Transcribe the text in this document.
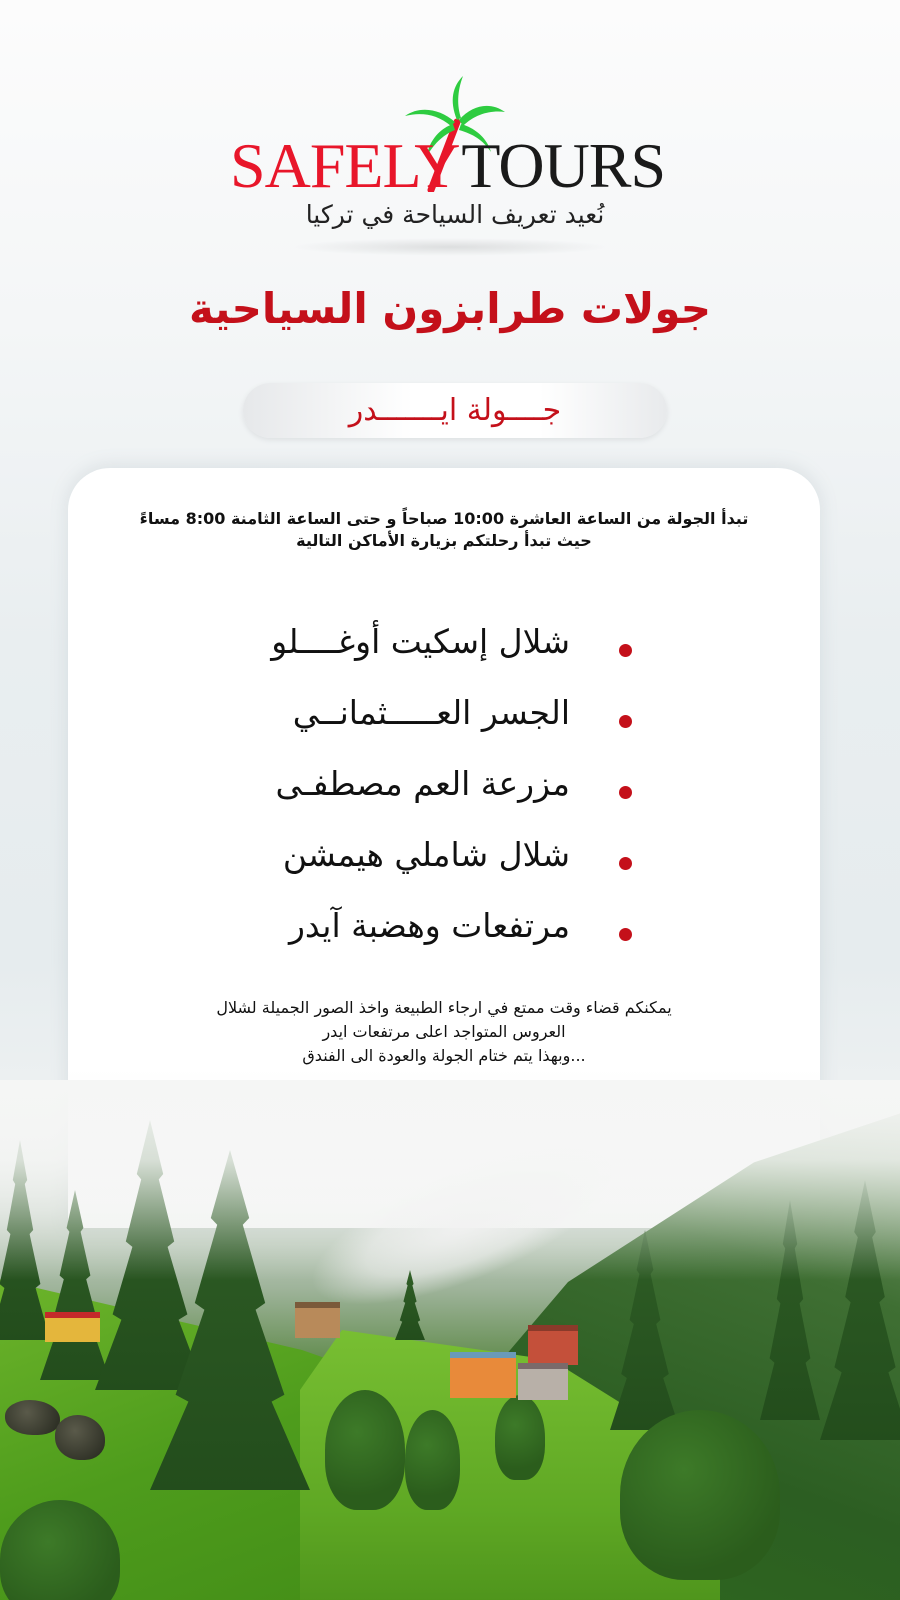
SAFELYTOURS
نُعيد تعريف السياحة في تركيا
جولات طرابزون السياحية
جــــولة ايـــــــدر
تبدأ الجولة من الساعة العاشرة 10:00 صباحاً و حتى الساعة الثامنة 8:00 مساءً
حيث تبدأ رحلتكم بزيارة الأماكن التالية
شلال إسكيت أوغــــلو
الجسر العـــــثمانــي
مزرعة العم مصطفـى
شلال شاملي هيمشن
مرتفعات وهضبة آيدر
يمكنكم قضاء وقت ممتع في ارجاء الطبيعة واخذ الصور الجميلة لشلال
العروس المتواجد اعلى مرتفعات ايدر
...وبهذا يتم ختام الجولة والعودة الى الفندق
